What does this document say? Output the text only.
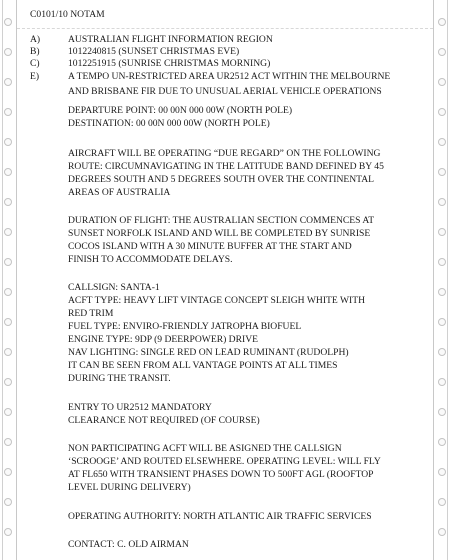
C0101/10 NOTAM
A)	AUSTRALIAN FLIGHT INFORMATION REGION
B)	1012240815 (SUNSET CHRISTMAS EVE)
C)	1012251915 (SUNRISE CHRISTMAS MORNING)
E)	A TEMPO UN-RESTRICTED AREA UR2512 ACT WITHIN THE MELBOURNE
AND BRISBANE FIR DUE TO UNUSUAL AERIAL VEHICLE OPERATIONS
DEPARTURE POINT: 00 00N 000 00W (NORTH POLE)
DESTINATION: 00 00N 000 00W (NORTH POLE)
AIRCRAFT WILL BE OPERATING “DUE REGARD” ON THE FOLLOWING
ROUTE: CIRCUMNAVIGATING IN THE LATITUDE BAND DEFINED BY 45
DEGREES SOUTH AND 5 DEGREES SOUTH OVER THE CONTINENTAL
AREAS OF AUSTRALIA
DURATION OF FLIGHT: THE AUSTRALIAN SECTION COMMENCES AT
SUNSET NORFOLK ISLAND AND WILL BE COMPLETED BY SUNRISE
COCOS ISLAND WITH A 30 MINUTE BUFFER AT THE START AND
FINISH TO ACCOMMODATE DELAYS.
CALLSIGN: SANTA-1
ACFT TYPE: HEAVY LIFT VINTAGE CONCEPT SLEIGH WHITE WITH
RED TRIM
FUEL TYPE: ENVIRO-FRIENDLY JATROPHA BIOFUEL
ENGINE TYPE: 9DP (9 DEERPOWER) DRIVE
NAV LIGHTING: SINGLE RED ON LEAD RUMINANT (RUDOLPH)
IT CAN BE SEEN FROM ALL VANTAGE POINTS AT ALL TIMES
DURING THE TRANSIT.
ENTRY TO UR2512 MANDATORY
CLEARANCE NOT REQUIRED (OF COURSE)
NON PARTICIPATING ACFT WILL BE ASIGNED THE CALLSIGN
‘SCROOGE’ AND ROUTED ELSEWHERE. OPERATING LEVEL: WILL FLY
AT FL650 WITH TRANSIENT PHASES DOWN TO 500FT AGL (ROOFTOP
LEVEL DURING DELIVERY)
OPERATING AUTHORITY: NORTH ATLANTIC AIR TRAFFIC SERVICES
CONTACT: C. OLD AIRMAN
